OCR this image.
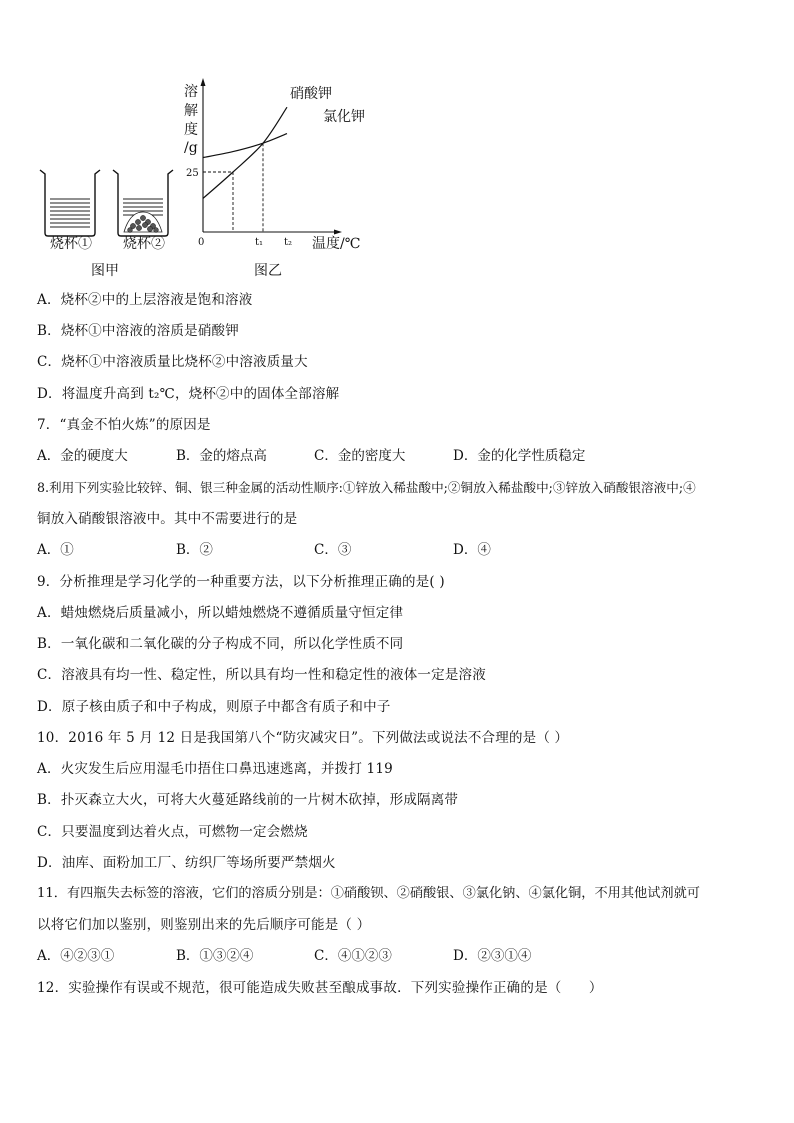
烧杯① 烧杯②
图甲	图乙
溶
解
度
/g
25
0	t₁ t₂ 温度/℃
硝酸钾
氯化钾
A．烧杯②中的上层溶液是饱和溶液
B．烧杯①中溶液的溶质是硝酸钾
C．烧杯①中溶液质量比烧杯②中溶液质量大
D．将温度升高到 t₂℃，烧杯②中的固体全部溶解
7．“真金不怕火炼”的原因是
A．金的硬度大	B．金的熔点高	C．金的密度大	D．金的化学性质稳定
8.利用下列实验比较锌、铜、银三种金属的活动性顺序:①锌放入稀盐酸中;②铜放入稀盐酸中;③锌放入硝酸银溶液中;④
铜放入硝酸银溶液中。其中不需要进行的是
A．①	B．②	C．③	D．④
9．分析推理是学习化学的一种重要方法，以下分析推理正确的是( )
A．蜡烛燃烧后质量减小，所以蜡烛燃烧不遵循质量守恒定律
B．一氧化碳和二氧化碳的分子构成不同，所以化学性质不同
C．溶液具有均一性、稳定性，所以具有均一性和稳定性的液体一定是溶液
D．原子核由质子和中子构成，则原子中都含有质子和中子
10．2016 年 5 月 12 日是我国第八个“防灾减灾日”。下列做法或说法不合理的是（ ）
A．火灾发生后应用湿毛巾捂住口鼻迅速逃离，并拨打 119
B．扑灭森立大火，可将大火蔓延路线前的一片树木砍掉，形成隔离带
C．只要温度到达着火点，可燃物一定会燃烧
D．油库、面粉加工厂、纺织厂等场所要严禁烟火
11．有四瓶失去标签的溶液，它们的溶质分别是：①硝酸钡、②硝酸银、③氯化钠、④氯化铜，不用其他试剂就可
以将它们加以鉴别，则鉴别出来的先后顺序可能是（ ）
A．④②③①	B．①③②④	C．④①②③	D．②③①④
12．实验操作有误或不规范，很可能造成失败甚至酿成事故．下列实验操作正确的是（　　）
